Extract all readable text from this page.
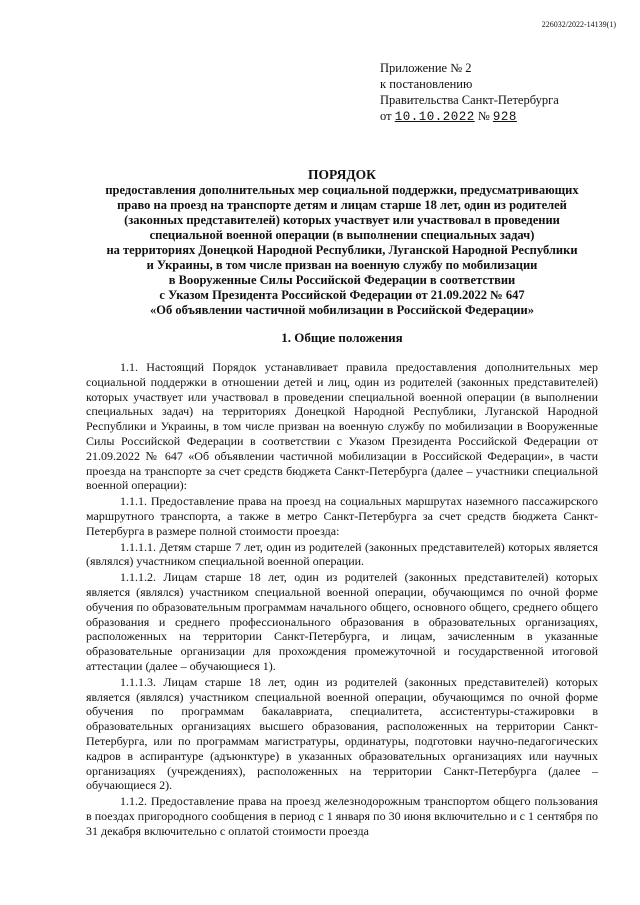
226032/2022-14139(1)
Приложение № 2
к постановлению
Правительства Санкт-Петербурга
от 10.10.2022 № 928
ПОРЯДОК
предоставления дополнительных мер социальной поддержки, предусматривающих
право на проезд на транспорте детям и лицам старше 18 лет, один из родителей
(законных представителей) которых участвует или участвовал в проведении
специальной военной операции (в выполнении специальных задач)
на территориях Донецкой Народной Республики, Луганской Народной Республики
и Украины, в том числе призван на военную службу по мобилизации
в Вооруженные Силы Российской Федерации в соответствии
с Указом Президента Российской Федерации от 21.09.2022 № 647
«Об объявлении частичной мобилизации в Российской Федерации»
1. Общие положения

1.1. Настоящий Порядок устанавливает правила предоставления дополнительных мер социальной поддержки в отношении детей и лиц, один из родителей (законных представителей) которых участвует или участвовал в проведении специальной военной операции (в выполнении специальных задач) на территориях Донецкой Народной Республики, Луганской Народной Республики и Украины, в том числе призван на военную службу по мобилизации в Вооруженные Силы Российской Федерации в соответствии с Указом Президента Российской Федерации от 21.09.2022 № 647 «Об объявлении частичной мобилизации в Российской Федерации», в части проезда на транспорте за счет средств бюджета Санкт-Петербурга (далее – участники специальной военной операции):

1.1.1. Предоставление права на проезд на социальных маршрутах наземного пассажирского маршрутного транспорта, а также в метро Санкт-Петербурга за счет средств бюджета Санкт-Петербурга в размере полной стоимости проезда:

1.1.1.1. Детям старше 7 лет, один из родителей (законных представителей) которых является (являлся) участником специальной военной операции.

1.1.1.2. Лицам старше 18 лет, один из родителей (законных представителей) которых является (являлся) участником специальной военной операции, обучающимся по очной форме обучения по образовательным программам начального общего, основного общего, среднего общего образования и среднего профессионального образования в образовательных организациях, расположенных на территории Санкт-Петербурга, и лицам, зачисленным в указанные образовательные организации для прохождения промежуточной и государственной итоговой аттестации (далее – обучающиеся 1).

1.1.1.3. Лицам старше 18 лет, один из родителей (законных представителей) которых является (являлся) участником специальной военной операции, обучающимся по очной форме обучения по программам бакалавриата, специалитета, ассистентуры-стажировки в образовательных организациях высшего образования, расположенных на территории Санкт-Петербурга, или по программам магистратуры, ординатуры, подготовки научно-педагогических кадров в аспирантуре (адъюнктуре) в указанных образовательных организациях или научных организациях (учреждениях), расположенных на территории Санкт-Петербурга (далее – обучающиеся 2).

1.1.2. Предоставление права на проезд железнодорожным транспортом общего пользования в поездах пригородного сообщения в период с 1 января по 30 июня включительно и с 1 сентября по 31 декабря включительно с оплатой стоимости проезда
